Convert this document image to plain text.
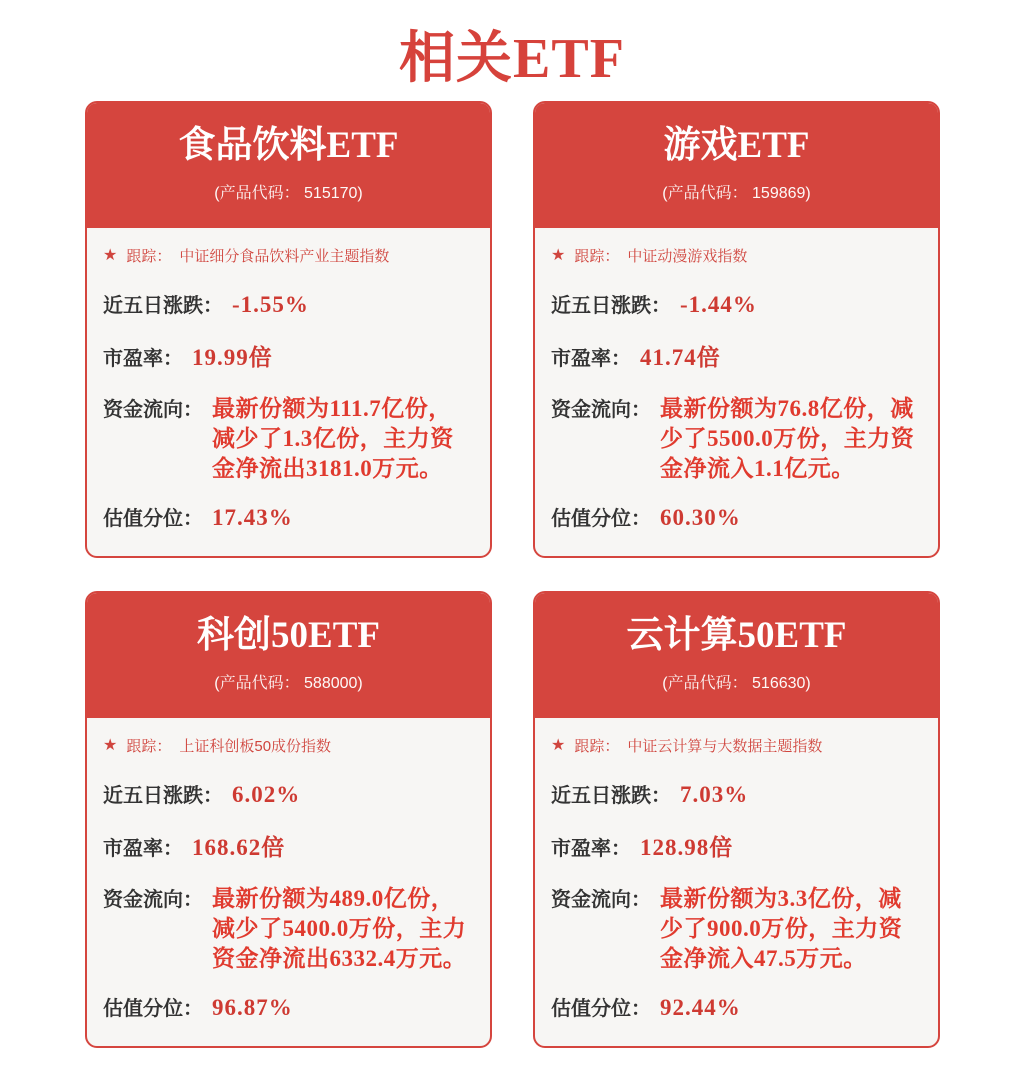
相关ETF
食品饮料ETF
(产品代码： 515170)
★ 跟踪： 中证细分食品饮料产业主题指数
近五日涨跌： -1.55%
市盈率： 19.99倍
资金流向： 最新份额为111.7亿份，减少了1.3亿份，主力资金净流出3181.0万元。
估值分位： 17.43%
游戏ETF
(产品代码： 159869)
★ 跟踪： 中证动漫游戏指数
近五日涨跌： -1.44%
市盈率： 41.74倍
资金流向： 最新份额为76.8亿份，减少了5500.0万份，主力资金净流入1.1亿元。
估值分位： 60.30%
科创50ETF
(产品代码： 588000)
★ 跟踪： 上证科创板50成份指数
近五日涨跌： 6.02%
市盈率： 168.62倍
资金流向： 最新份额为489.0亿份，减少了5400.0万份，主力资金净流出6332.4万元。
估值分位： 96.87%
云计算50ETF
(产品代码： 516630)
★ 跟踪： 中证云计算与大数据主题指数
近五日涨跌： 7.03%
市盈率： 128.98倍
资金流向： 最新份额为3.3亿份，减少了900.0万份，主力资金净流入47.5万元。
估值分位： 92.44%
